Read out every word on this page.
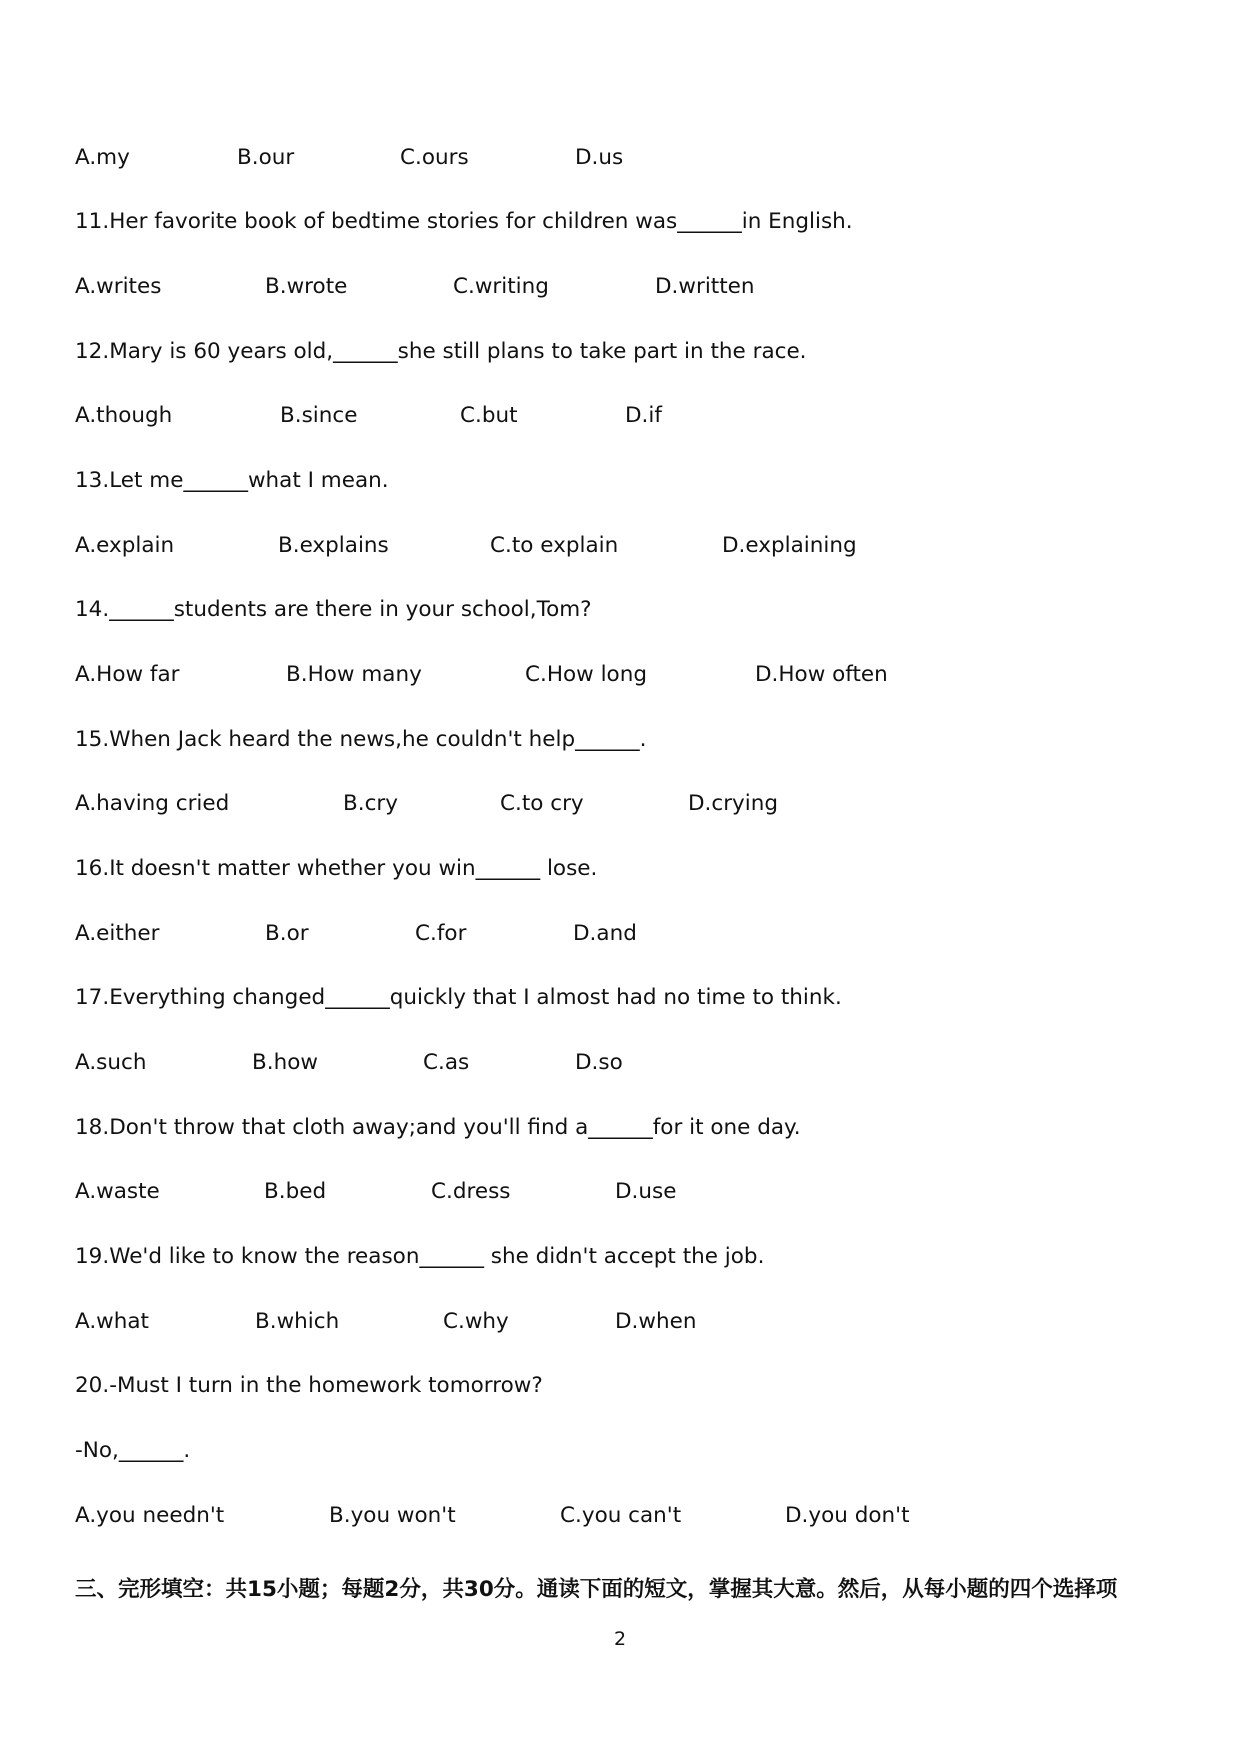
A.my	B.our	C.ours	D.us
11.Her favorite book of bedtime stories for children was______in English.
A.writes	B.wrote	C.writing	D.written
12.Mary is 60 years old,______she still plans to take part in the race.
A.though	B.since	C.but	D.if
13.Let me______what I mean.
A.explain	B.explains	C.to explain	D.explaining
14.______students are there in your school,Tom?
A.How far	B.How many	C.How long	D.How often
15.When Jack heard the news,he couldn't help______.
A.having cried	B.cry	C.to cry	D.crying
16.It doesn't matter whether you win______ lose.
A.either	B.or	C.for	D.and
17.Everything changed______quickly that I almost had no time to think.
A.such	B.how	C.as	D.so
18.Don't throw that cloth away;and you'll find a______for it one day.
A.waste	B.bed	C.dress	D.use
19.We'd like to know the reason______ she didn't accept the job.
A.what	B.which	C.why	D.when
20.-Must I turn in the homework tomorrow?
-No,______.
A.you needn't	B.you won't	C.you can't	D.you don't
三、完形填空：共15小题；每题2分，共30分。通读下面的短文，掌握其大意。然后，从每小题的四个选择项
2
